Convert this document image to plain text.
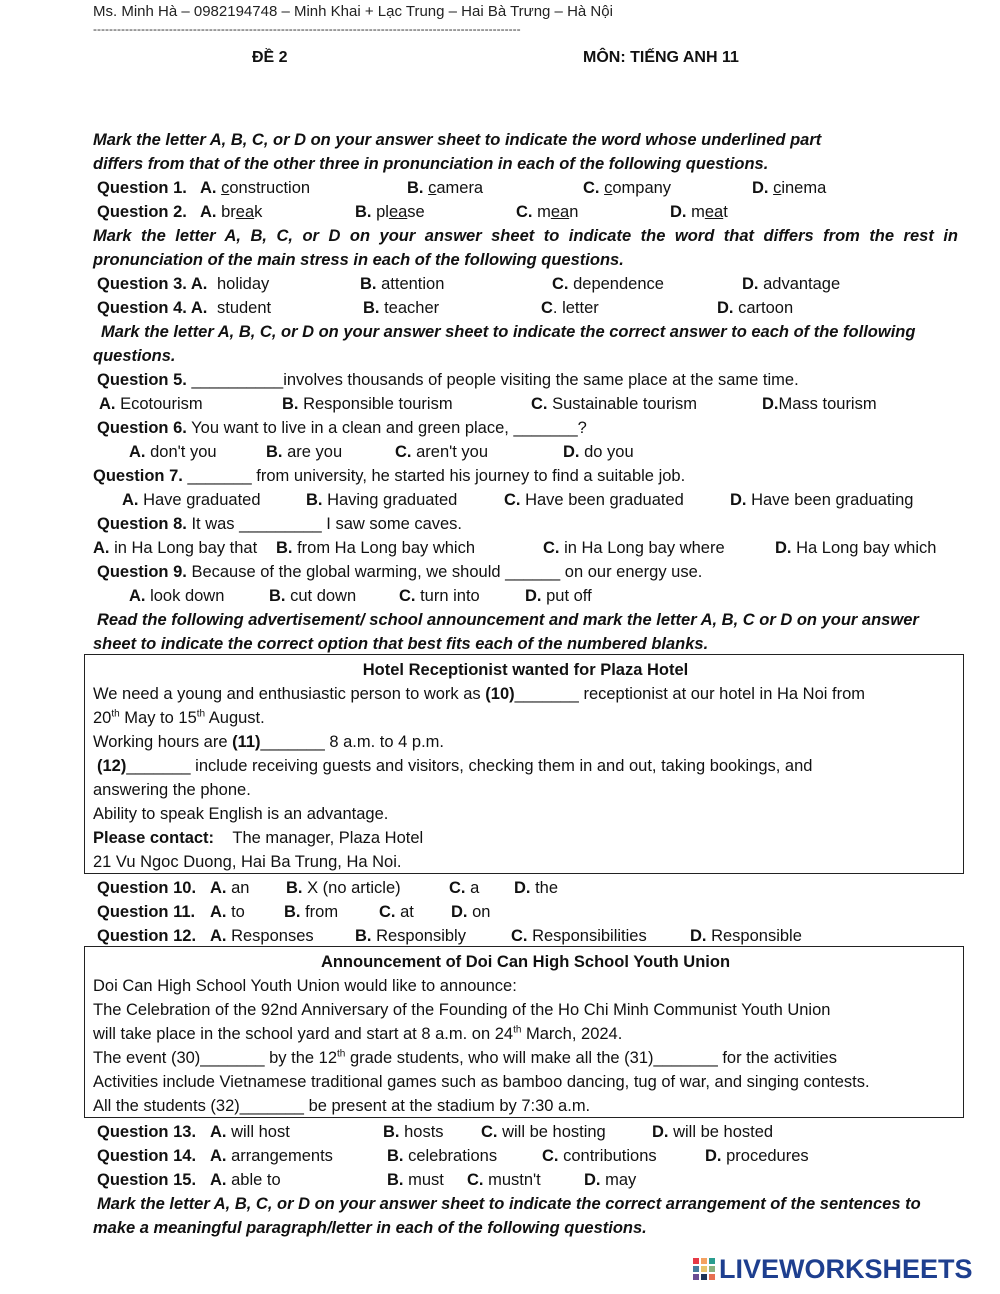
Ms. Minh Hà – 0982194748 – Minh Khai + Lạc Trung – Hai Bà Trưng – Hà Nội
-----------------------------------------------------------------------------------------------------------
ĐỀ 2	MÔN: TIẾNG ANH 11
Mark the letter A, B, C, or D on your answer sheet to indicate the word whose underlined part
differs from that of the other three in pronunciation in each of the following questions.
Question 1. A. construction	B. camera	C. company	D. cinema
Question 2. A. break	B. please	C. mean	D. meat
Mark the letter A, B, C, or D on your answer sheet to indicate the word that differs from the rest in
pronunciation of the main stress in each of the following questions.
Question 3. A. holiday	B. attention	C. dependence	D. advantage
Question 4. A. student	B. teacher	C. letter	D. cartoon
Mark the letter A, B, C, or D on your answer sheet to indicate the correct answer to each of the following
questions.
Question 5. __________involves thousands of people visiting the same place at the same time.
A. Ecotourism	B. Responsible tourism	C. Sustainable tourism	D.Mass tourism
Question 6. You want to live in a clean and green place, _______?
A. don't you	B. are you	C. aren't you	D. do you
Question 7. _______ from university, he started his journey to find a suitable job.
A. Have graduated	B. Having graduated	C. Have been graduated	D. Have been graduating
Question 8. It was _________ I saw some caves.
A. in Ha Long bay that B. from Ha Long bay which	C. in Ha Long bay where	D. Ha Long bay which
Question 9. Because of the global warming, we should ______ on our energy use.
A. look down	B. cut down	C. turn into	D. put off
Read the following advertisement/ school announcement and mark the letter A, B, C or D on your answer
sheet to indicate the correct option that best fits each of the numbered blanks.
Hotel Receptionist wanted for Plaza Hotel
We need a young and enthusiastic person to work as (10)_______ receptionist at our hotel in Ha Noi from
20th May to 15th August.
Working hours are (11)_______ 8 a.m. to 4 p.m.
(12)_______ include receiving guests and visitors, checking them in and out, taking bookings, and
answering the phone.
Ability to speak English is an advantage.
Please contact: The manager, Plaza Hotel
21 Vu Ngoc Duong, Hai Ba Trung, Ha Noi.
Question 10. A. an B. X (no article)	C. a D. the
Question 11. A. to B. from C. at D. on
Question 12. A. Responses	B. Responsibly	C. Responsibilities	D. Responsible
Announcement of Doi Can High School Youth Union
Doi Can High School Youth Union would like to announce:
The Celebration of the 92nd Anniversary of the Founding of the Ho Chi Minh Communist Youth Union
will take place in the school yard and start at 8 a.m. on 24th March, 2024.
The event (30)_______ by the 12th grade students, who will make all the (31)_______ for the activities
Activities include Vietnamese traditional games such as bamboo dancing, tug of war, and singing contests.
All the students (32)_______ be present at the stadium by 7:30 a.m.
Question 13. A. will host	B. hosts C. will be hosting	D. will be hosted
Question 14. A. arrangements	B. celebrations	C. contributions	D. procedures
Question 15. A. able to	B. must C. mustn't	D. may
Mark the letter A, B, C, or D on your answer sheet to indicate the correct arrangement of the sentences to
make a meaningful paragraph/letter in each of the following questions.
LIVEWORKSHEETS
